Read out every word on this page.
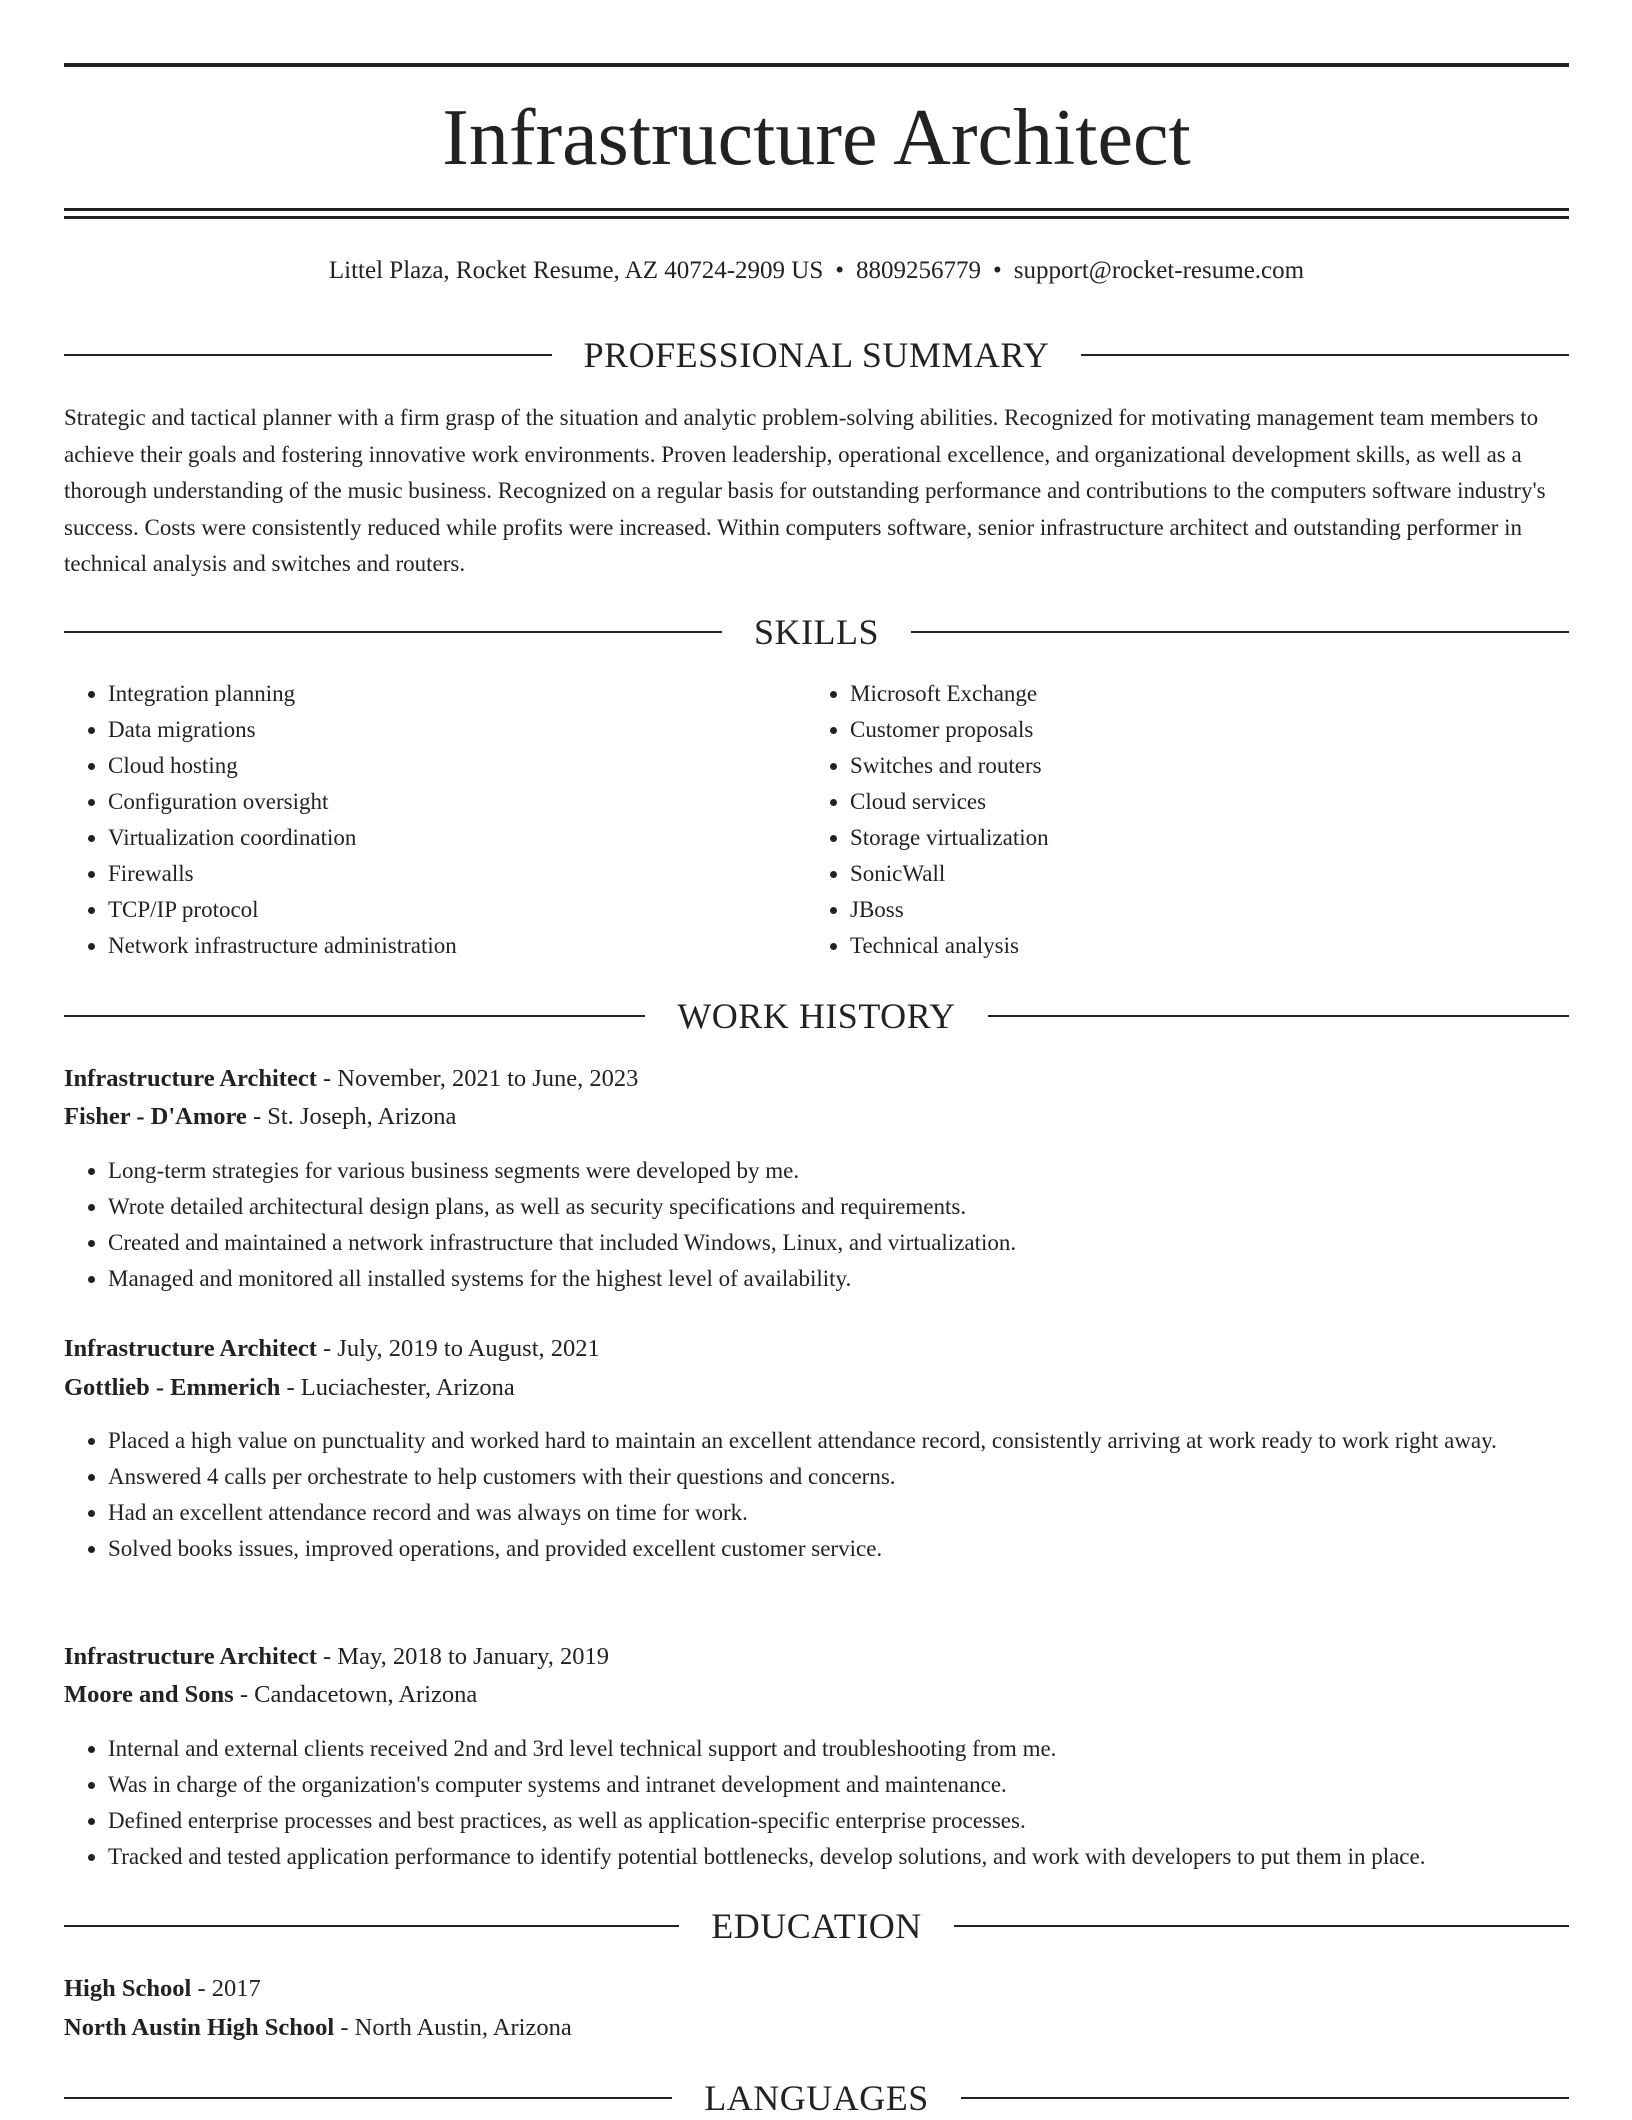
Infrastructure Architect
Littel Plaza, Rocket Resume, AZ 40724-2909 US • 8809256779 • support@rocket-resume.com
PROFESSIONAL SUMMARY

Strategic and tactical planner with a firm grasp of the situation and analytic problem-solving abilities. Recognized for motivating management team members to achieve their goals and fostering innovative work environments. Proven leadership, operational excellence, and organizational development skills, as well as a thorough understanding of the music business. Recognized on a regular basis for outstanding performance and contributions to the computers software industry's success. Costs were consistently reduced while profits were increased. Within computers software, senior infrastructure architect and outstanding performer in technical analysis and switches and routers.

SKILLS
• Integration planning
• Data migrations
• Cloud hosting
• Configuration oversight
• Virtualization coordination
• Firewalls
• TCP/IP protocol
• Network infrastructure administration
• Microsoft Exchange
• Customer proposals
• Switches and routers
• Cloud services
• Storage virtualization
• SonicWall
• JBoss
• Technical analysis
WORK HISTORY
Infrastructure Architect - November, 2021 to June, 2023
Fisher - D'Amore - St. Joseph, Arizona
• Long-term strategies for various business segments were developed by me.
• Wrote detailed architectural design plans, as well as security specifications and requirements.
• Created and maintained a network infrastructure that included Windows, Linux, and virtualization.
• Managed and monitored all installed systems for the highest level of availability.
Infrastructure Architect - July, 2019 to August, 2021
Gottlieb - Emmerich - Luciachester, Arizona
• Placed a high value on punctuality and worked hard to maintain an excellent attendance record, consistently arriving at work ready to work right away.
• Answered 4 calls per orchestrate to help customers with their questions and concerns.
• Had an excellent attendance record and was always on time for work.
• Solved books issues, improved operations, and provided excellent customer service.
Infrastructure Architect - May, 2018 to January, 2019
Moore and Sons - Candacetown, Arizona
• Internal and external clients received 2nd and 3rd level technical support and troubleshooting from me.
• Was in charge of the organization's computer systems and intranet development and maintenance.
• Defined enterprise processes and best practices, as well as application-specific enterprise processes.
• Tracked and tested application performance to identify potential bottlenecks, develop solutions, and work with developers to put them in place.
EDUCATION
High School - 2017
North Austin High School - North Austin, Arizona
LANGUAGES
